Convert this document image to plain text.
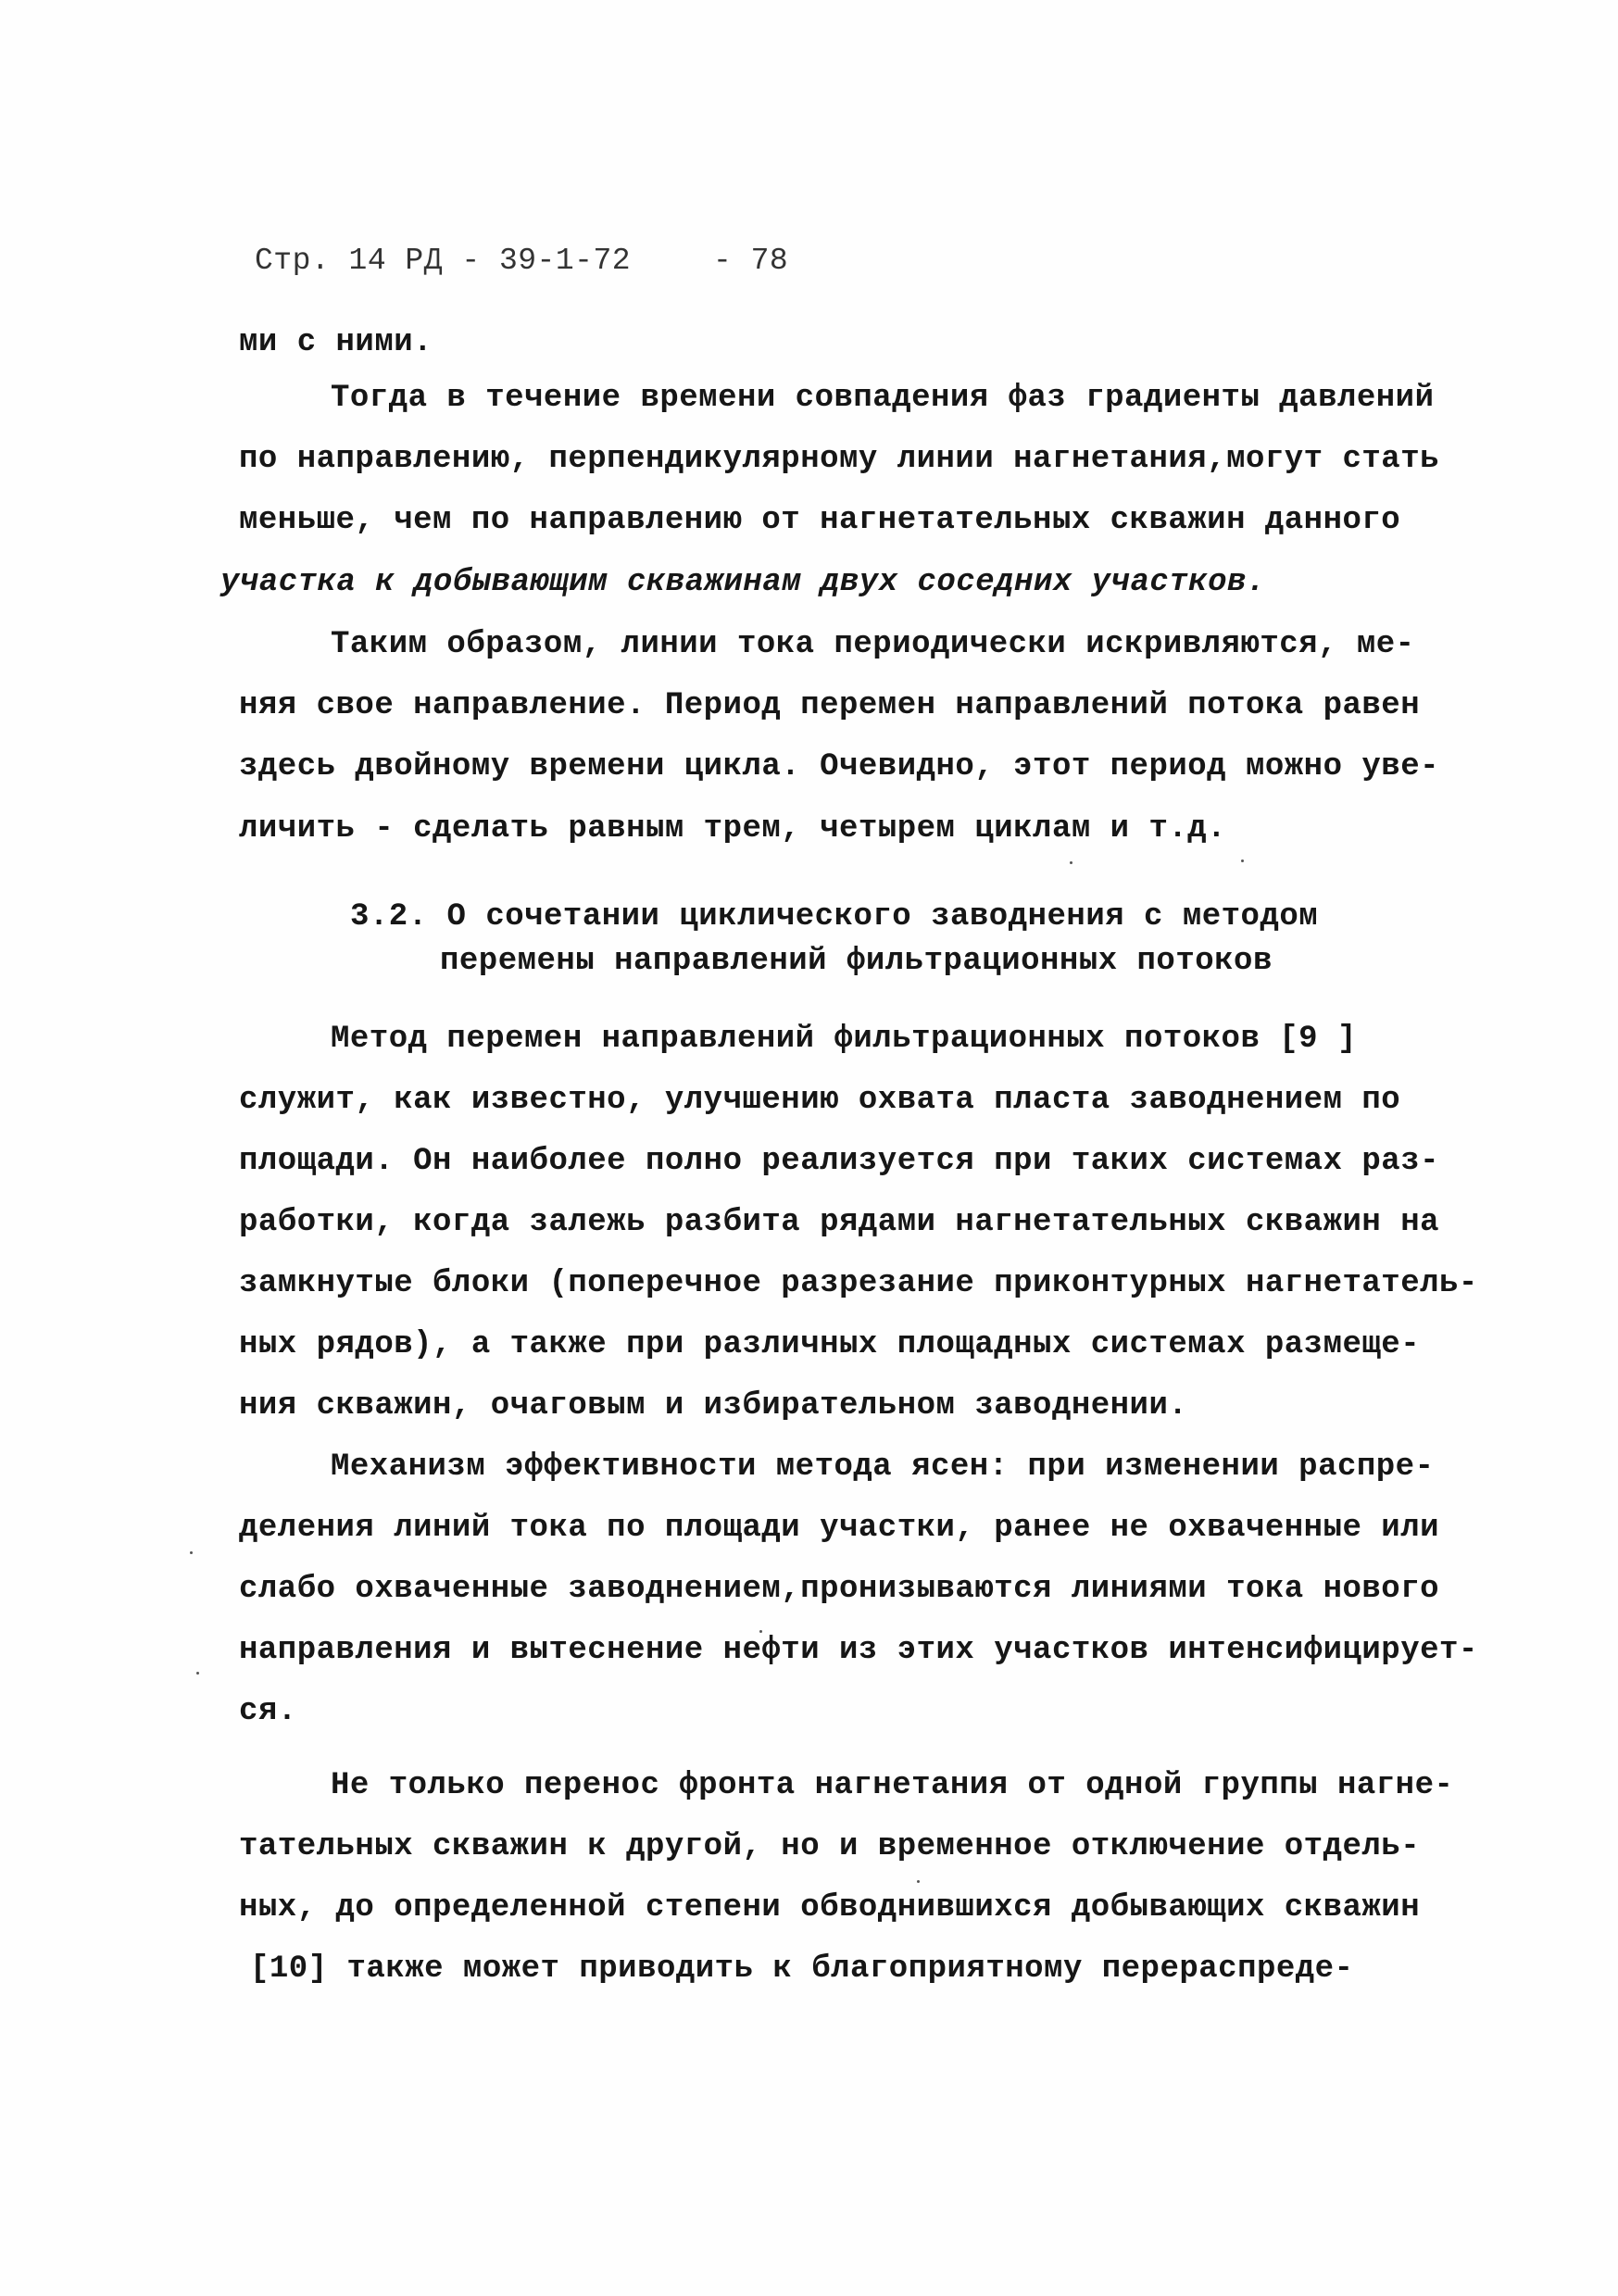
Стр. 14 РД - 39-1-72	- 78
ми с ними.
Тогда в течение времени совпадения фаз градиенты давлений
по направлению, перпендикулярному линии нагнетания,могут стать
меньше, чем по направлению от нагнетательных скважин данного
участка к добывающим скважинам двух соседних участков.
Таким образом, линии тока периодически искривляются, ме-
няя свое направление. Период перемен направлений потока равен
здесь двойному времени цикла. Очевидно, этот период можно уве-
личить - сделать равным трем, четырем циклам и т.д.
3.2. О сочетании циклического заводнения с методом
перемены направлений фильтрационных потоков
Метод перемен направлений фильтрационных потоков [9 ]
служит, как известно, улучшению охвата пласта заводнением по
площади. Он наиболее полно реализуется при таких системах раз-
работки, когда залежь разбита рядами нагнетательных скважин на
замкнутые блоки (поперечное разрезание приконтурных нагнетатель-
ных рядов), а также при различных площадных системах размеще-
ния скважин, очаговым и избирательном заводнении.
Механизм эффективности метода ясен: при изменении распре-
деления линий тока по площади участки, ранее не охваченные или
слабо охваченные заводнением,пронизываются линиями тока нового
направления и вытеснение нефти из этих участков интенсифицирует-
ся.
Не только перенос фронта нагнетания от одной группы нагне-
тательных скважин к другой, но и временное отключение отдель-
ных, до определенной степени обводнившихся добывающих скважин
[10] также может приводить к благоприятному перераспреде-
